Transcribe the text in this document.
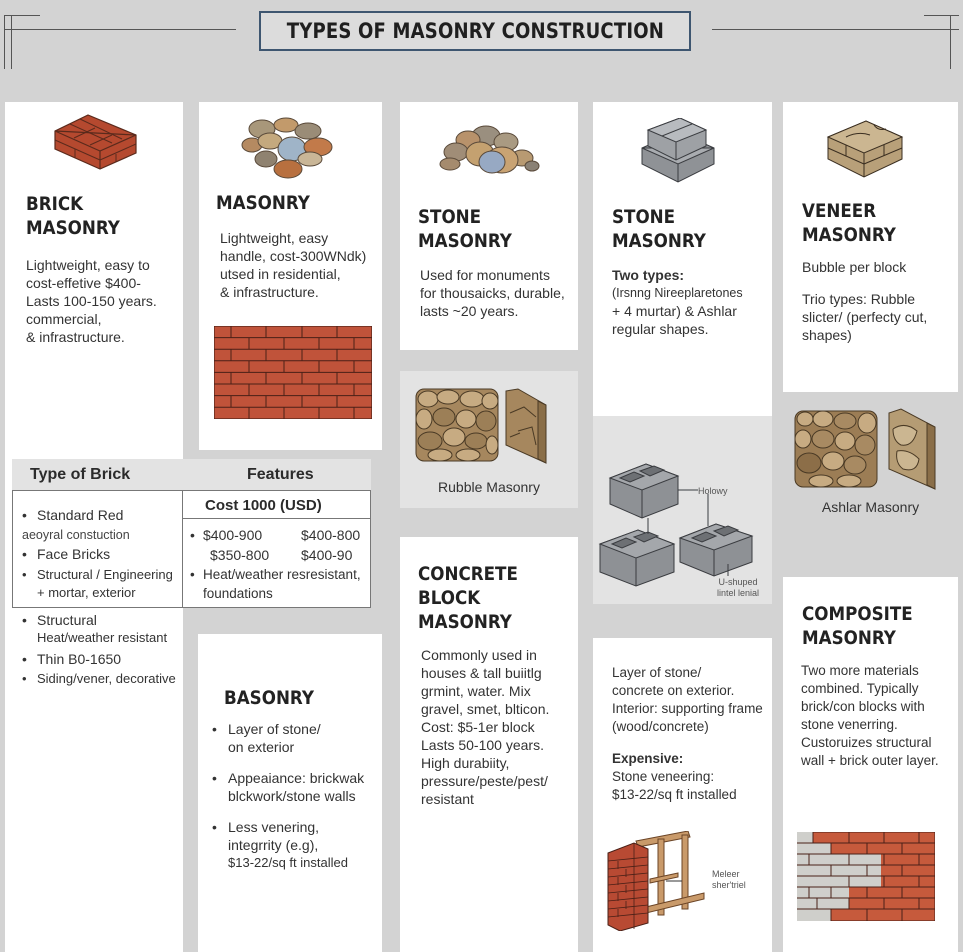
TYPES OF MASONRY CONSTRUCTION
BRICK
MASONRY

Lightweight, easy to

cost-effetive $400-

Lasts 100-150 years.

commercial,

& infrastructure.

MASONRY

Lightweight, easy

handle, cost-300WNdk)

utsed in residential,

& infrastructure.

Type of Brick	Features
Cost 1000 (USD)
• Standard Red
aeoyral constuction
• Face Bricks
• Structural / Engineering
+ mortar, exterior
• $400-900	$400-800
$350-800 $400-90
• Heat/weather resresistant,
foundations
• Structural
Heat/weather resistant
• Thin B0-1650
• Siding/vener, decorative
BASONRY
• Layer of stone/
on exterior
• Appeaiance: brickwak
blckwork/stone walls
• Less venering,
integrrity (e.g),
$13-22/sq ft installed
STONE
MASONRY

Used for monuments

for thousaicks, durable,

lasts ~20 years.

Rubble Masonry
CONCRETE
BLOCK
MASONRY

Commonly used in

houses & tall buiitlg

grmint, water. Mix

gravel, smet, blticon.

Cost: $5-1er block

Lasts 50-100 years.

High durabiity,

pressure/peste/pest/

resistant

STONE
MASONRY

Two types:

(Irsnng Nireeplaretones

+ 4 murtar) & Ashlar

regular shapes.

Holowy
U-shuped
lintel lenial

Layer of stone/

concrete on exterior.

Interior: supporting frame

(wood/concrete)

Expensive:

Stone veneering:

$13-22/sq ft installed

Meleer
sher'triel
VENEER
MASONRY

Bubble per block

Trio types: Rubble

slicter/ (perfecty cut,

shapes)

Ashlar Masonry
COMPOSITE
MASONRY

Two more materials

combined. Typically

brick/con blocks with

stone venerring.

Custoruizes structural

wall + brick outer layer.
